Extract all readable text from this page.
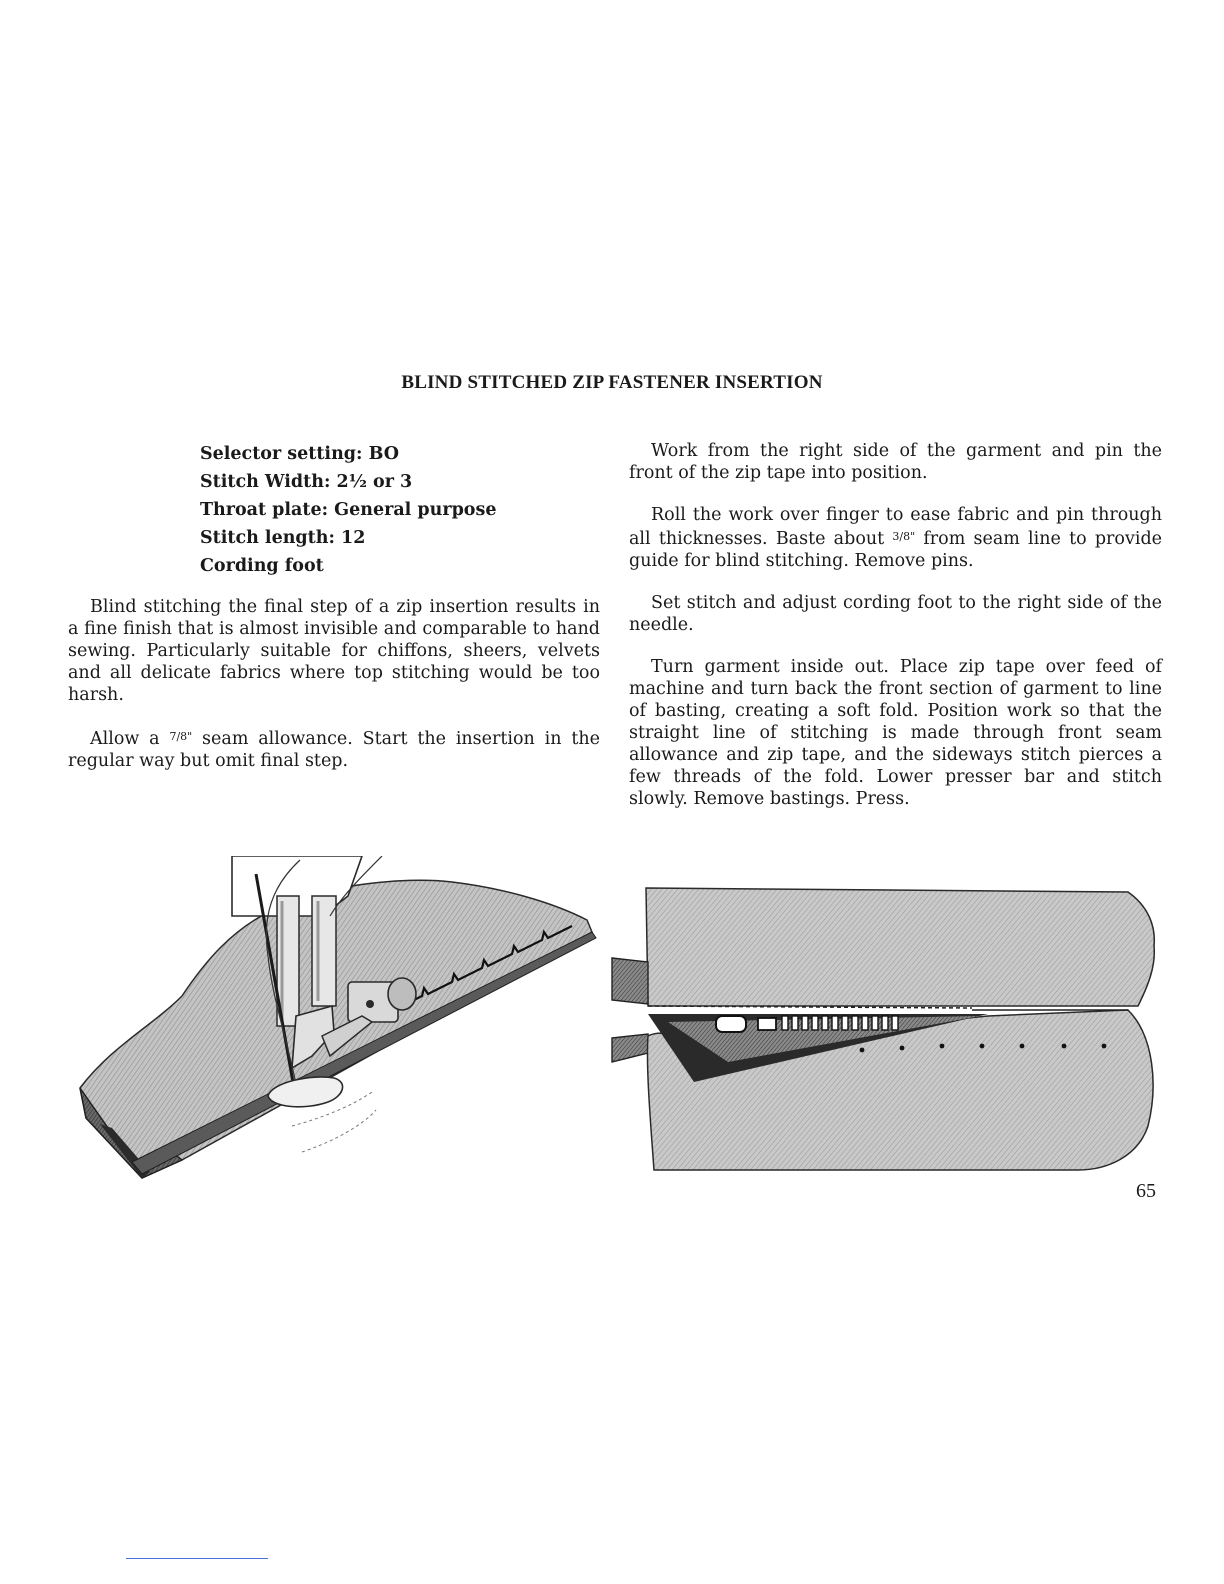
BLIND STITCHED ZIP FASTENER INSERTION
Selector setting: BO
Stitch Width: 2½ or 3
Throat plate: General purpose
Stitch length: 12
Cording foot

Blind stitching the final step of a zip insertion results in a fine finish that is almost invisible and comparable to hand sewing. Particularly suitable for chiffons, sheers, velvets and all delicate fabrics where top stitching would be too harsh.

Allow a $^{7/8"}$ seam allowance. Start the insertion in the regular way but omit final step.

Work from the right side of the garment and pin the front of the zip tape into position.

Roll the work over finger to ease fabric and pin through all thicknesses. Baste about $^{3/8"}$ from seam line to provide guide for blind stitching. Remove pins.

Set stitch and adjust cording foot to the right side of the needle.

Turn garment inside out. Place zip tape over feed of machine and turn back the front section of garment to line of basting, creating a soft fold. Position work so that the straight line of stitching is made through front seam allowance and zip tape, and the sideways stitch pierces a few threads of the fold. Lower presser bar and stitch slowly. Remove bastings. Press.

65
